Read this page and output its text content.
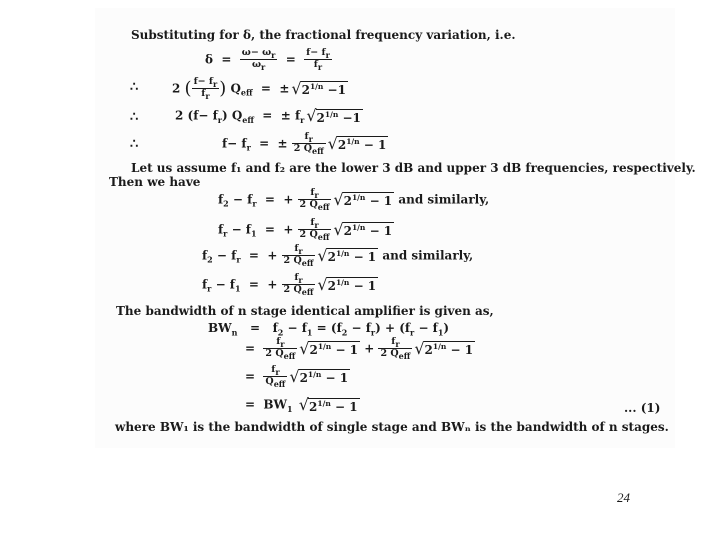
Substituting for δ, the fractional frequency variation, i.e.
$\delta = \frac{\omega- \omega_r}{\omega_r} = \frac{f- f_r}{f_r}$
∴	2 ( $\frac{f- f_r}{f_r}$ ) $Q_{eff}$  =  ± $√2^{1/n} -1$
∴	2 $(f- f_r)$ $Q_{eff}$  =  ± $f_r$ $√2^{1/n} -1$
∴	$f- f_r$  =  ± $\frac{f_r}{2 Q_{eff}} √2^{1/n} - 1$
Let us assume f₁ and f₂ are the lower 3 dB and upper 3 dB frequencies, respectively.
Then we have
$f_2 - f_r$  =  + $\frac{f_r}{2 Q_{eff}} √2^{1/n} - 1$ and similarly,
$f_r - f_1$  =  + $\frac{f_r}{2 Q_{eff}} √2^{1/n} - 1$
$f_2 - f_r$  =  + $\frac{f_r}{2 Q_{eff}} √2^{1/n} - 1$ and similarly,
$f_r - f_1$  =  + $\frac{f_r}{2 Q_{eff}} √2^{1/n} - 1$
The bandwidth of n stage identical amplifier is given as,
$BW_n = f_2 - f_1 = (f_2 - f_r) + (f_r - f_1)$
= $\frac{f_r}{2 Q_{eff}} √2^{1/n} - 1 + \frac{f_r}{2 Q_{eff}} √2^{1/n} - 1$
= $\frac{f_r}{Q_{eff}} √2^{1/n} - 1$
=  $BW_1$ $√2^{1/n} - 1$	... (1)
where BW₁ is the bandwidth of single stage and BWₙ is the bandwidth of n stages.
24
